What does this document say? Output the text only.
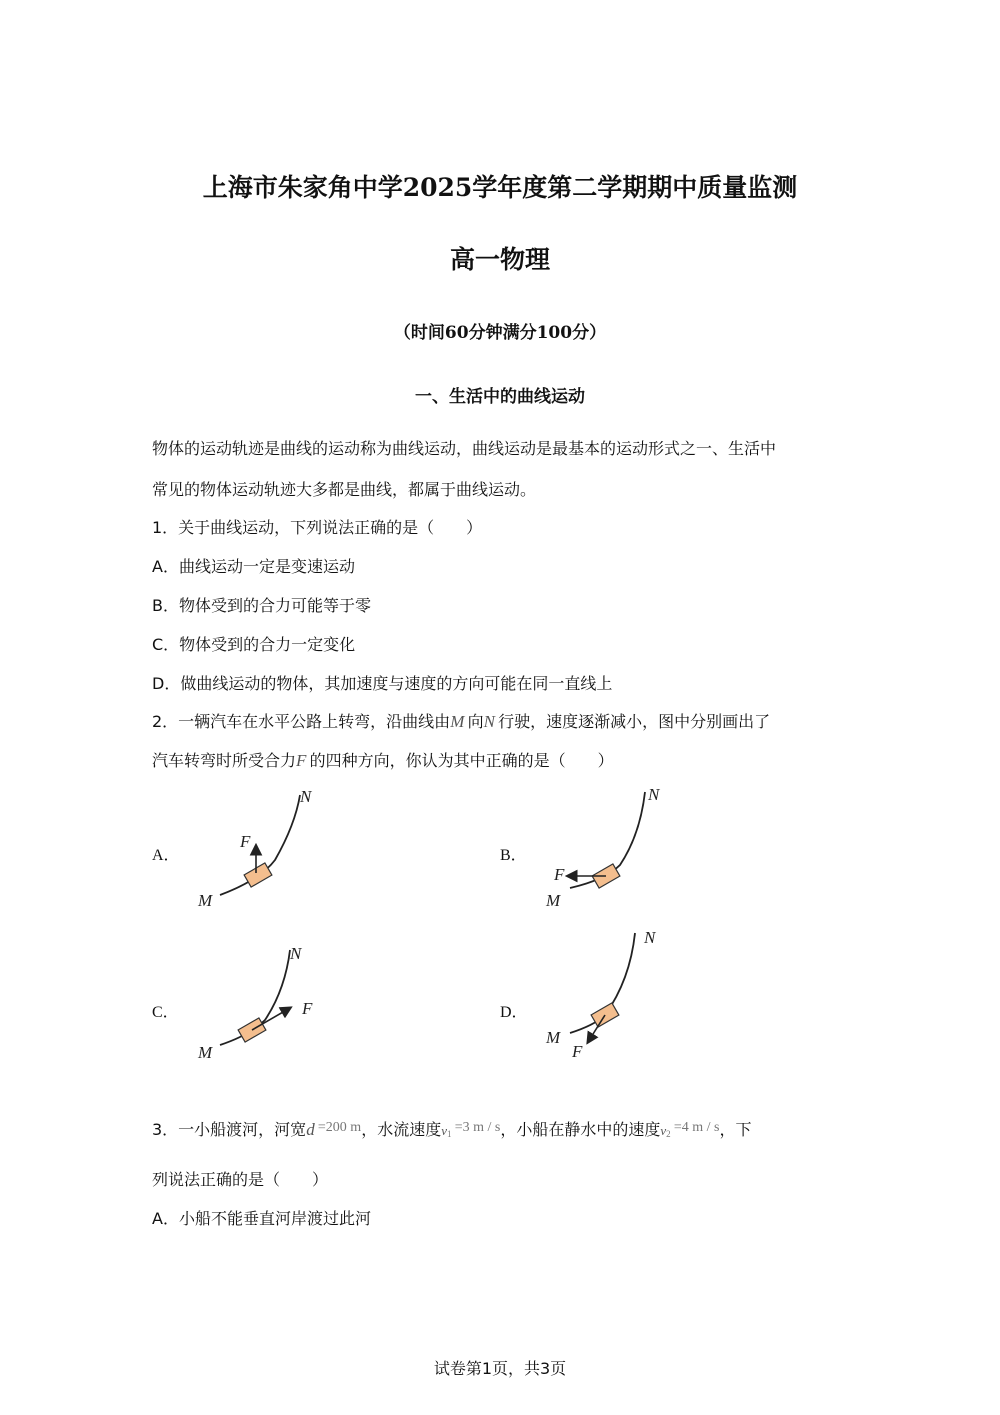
上海市朱家角中学2025学年度第二学期期中质量监测
高一物理
（时间60分钟满分100分）
一、生活中的曲线运动
物体的运动轨迹是曲线的运动称为曲线运动，曲线运动是最基本的运动形式之一、生活中
常见的物体运动轨迹大多都是曲线，都属于曲线运动。
1．关于曲线运动，下列说法正确的是（　　）
A．曲线运动一定是变速运动
B．物体受到的合力可能等于零
C．物体受到的合力一定变化
D．做曲线运动的物体，其加速度与速度的方向可能在同一直线上
2．一辆汽车在水平公路上转弯，沿曲线由M  向N  行驶，速度逐渐减小，图中分别画出了
汽车转弯时所受合力F  的四种方向，你认为其中正确的是（　　）
A．	B．
C．	D．
F
N
M
F
N
M
F
N
M	F
N
M
3．一小船渡河，河宽d  =200 m，水流速度$v_1 =3$ m / s，小船在静水中的速度$v_2 =4$ m / s，下
列说法正确的是（　　）
A．小船不能垂直河岸渡过此河
试卷第1页，共3页
